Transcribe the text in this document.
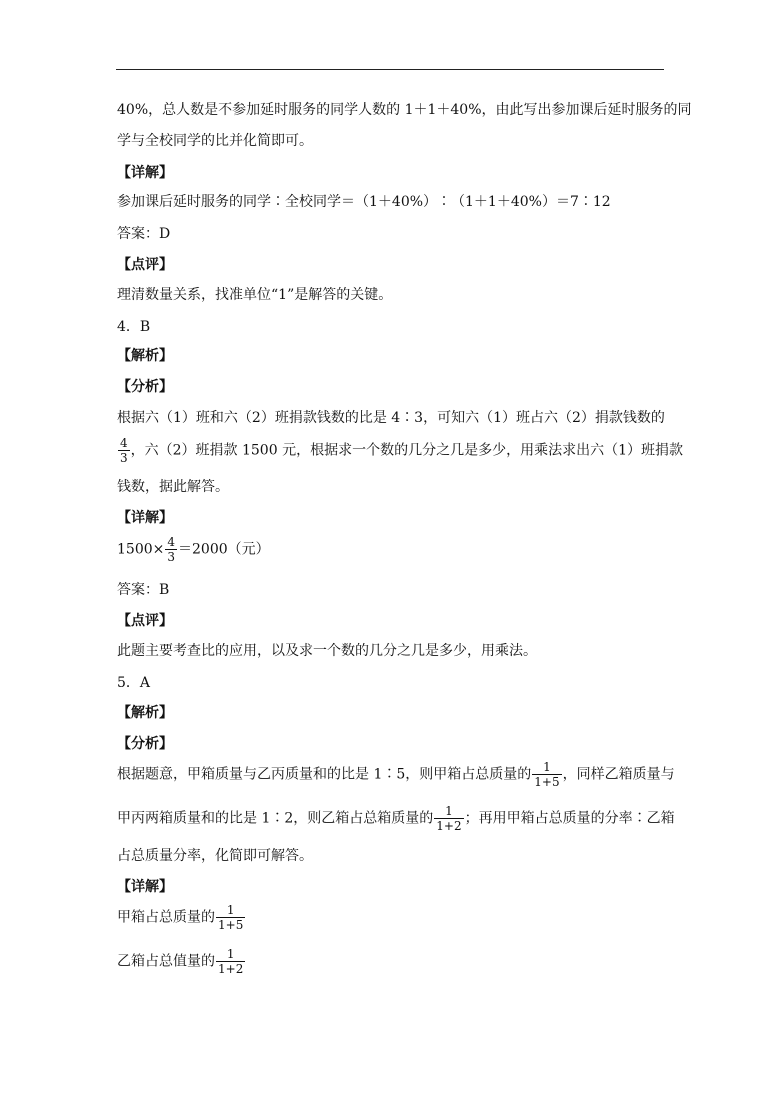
40%，总人数是不参加延时服务的同学人数的 1＋1＋40%，由此写出参加课后延时服务的同
学与全校同学的比并化简即可。
【详解】
参加课后延时服务的同学∶全校同学＝（1＋40%）∶（1＋1＋40%）＝7∶12
答案：D
【点评】
理清数量关系，找准单位“1”是解答的关键。
4．B
【解析】
【分析】
根据六（1）班和六（2）班捐款钱数的比是 4∶3，可知六（1）班占六（2）捐款钱数的
$\frac{4}{3}$ ，六（2）班捐款 1500 元，根据求一个数的几分之几是多少，用乘法求出六（1）班捐款
钱数，据此解答。
【详解】
$1500\times \frac{4}{3} =2000$（元）
答案：B
【点评】
此题主要考查比的应用，以及求一个数的几分之几是多少，用乘法。
5．A
【解析】
【分析】
根据题意，甲箱质量与乙丙质量和的比是 1∶5，则甲箱占总质量的 $\frac{1}{1+5}$ ，同样乙箱质量与
甲丙两箱质量和的比是 1∶2，则乙箱占总箱质量的 $\frac{1}{1+2}$ ；再用甲箱占总质量的分率∶乙箱
占总质量分率，化简即可解答。
【详解】
甲箱占总质量的 $\frac{1}{1+5}$
乙箱占总值量的 $\frac{1}{1+2}$
